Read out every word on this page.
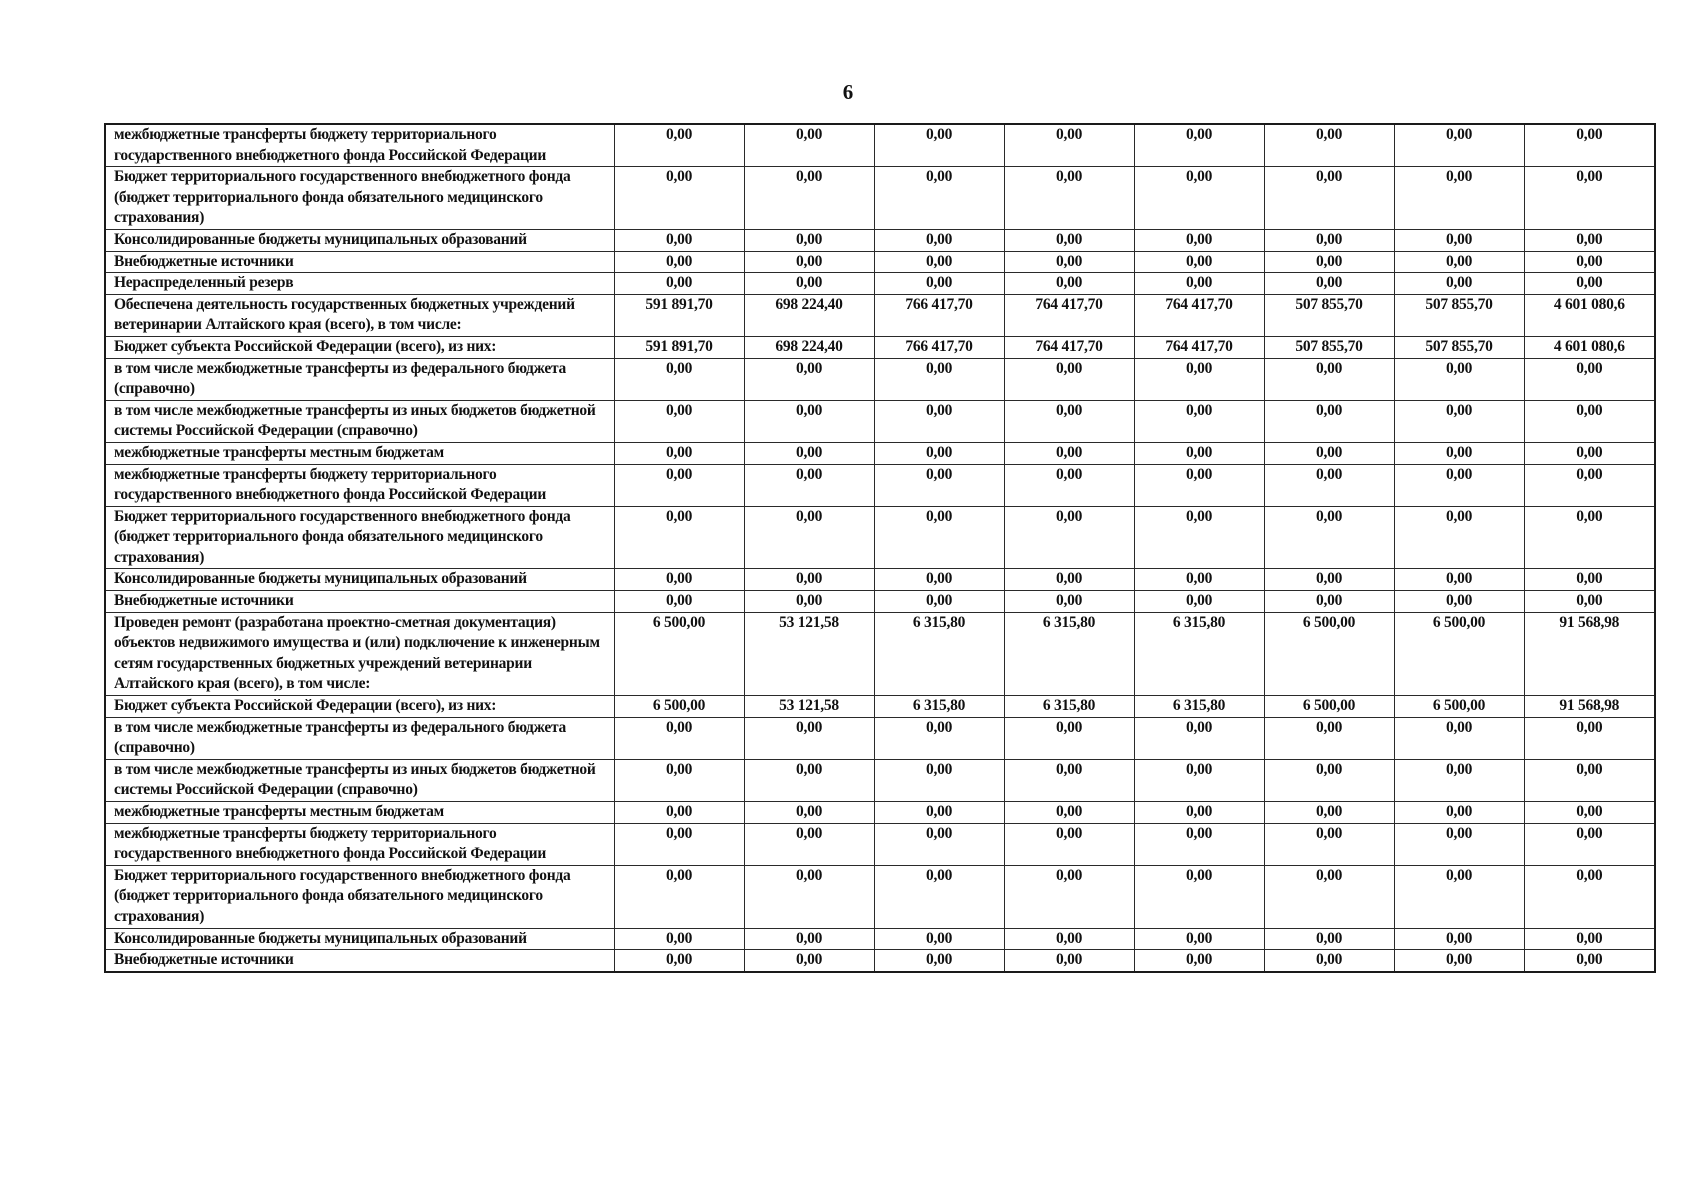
6
межбюджетные трансферты бюджету территориального государственного внебюджетного фонда Российской Федерации	0,00	0,00	0,00	0,00	0,00	0,00	0,00	0,00
Бюджет территориального государственного внебюджетного фонда (бюджет территориального фонда обязательного медицинского страхования)	0,00	0,00	0,00	0,00	0,00	0,00	0,00	0,00
Консолидированные бюджеты муниципальных образований	0,00	0,00	0,00	0,00	0,00	0,00	0,00	0,00
Внебюджетные источники	0,00	0,00	0,00	0,00	0,00	0,00	0,00	0,00
Нераспределенный резерв	0,00	0,00	0,00	0,00	0,00	0,00	0,00	0,00
Обеспечена деятельность государственных бюджетных учреждений ветеринарии Алтайского края (всего), в том числе:	591 891,70	698 224,40	766 417,70	764 417,70	764 417,70	507 855,70	507 855,70	4 601 080,6
Бюджет субъекта Российской Федерации (всего), из них:	591 891,70	698 224,40	766 417,70	764 417,70	764 417,70	507 855,70	507 855,70	4 601 080,6
в том числе межбюджетные трансферты из федерального бюджета (справочно)	0,00	0,00	0,00	0,00	0,00	0,00	0,00	0,00
в том числе межбюджетные трансферты из иных бюджетов бюджетной системы Российской Федерации (справочно)	0,00	0,00	0,00	0,00	0,00	0,00	0,00	0,00
межбюджетные трансферты местным бюджетам	0,00	0,00	0,00	0,00	0,00	0,00	0,00	0,00
межбюджетные трансферты бюджету территориального государственного внебюджетного фонда Российской Федерации	0,00	0,00	0,00	0,00	0,00	0,00	0,00	0,00
Бюджет территориального государственного внебюджетного фонда (бюджет территориального фонда обязательного медицинского страхования)	0,00	0,00	0,00	0,00	0,00	0,00	0,00	0,00
Консолидированные бюджеты муниципальных образований	0,00	0,00	0,00	0,00	0,00	0,00	0,00	0,00
Внебюджетные источники	0,00	0,00	0,00	0,00	0,00	0,00	0,00	0,00
Проведен ремонт (разработана проектно-сметная документация) объектов недвижимого имущества и (или) подключение к инженерным сетям государственных бюджетных учреждений ветеринарии Алтайского края (всего), в том числе:	6 500,00	53 121,58	6 315,80	6 315,80	6 315,80	6 500,00	6 500,00	91 568,98
Бюджет субъекта Российской Федерации (всего), из них:	6 500,00	53 121,58	6 315,80	6 315,80	6 315,80	6 500,00	6 500,00	91 568,98
в том числе межбюджетные трансферты из федерального бюджета (справочно)	0,00	0,00	0,00	0,00	0,00	0,00	0,00	0,00
в том числе межбюджетные трансферты из иных бюджетов бюджетной системы Российской Федерации (справочно)	0,00	0,00	0,00	0,00	0,00	0,00	0,00	0,00
межбюджетные трансферты местным бюджетам	0,00	0,00	0,00	0,00	0,00	0,00	0,00	0,00
межбюджетные трансферты бюджету территориального государственного внебюджетного фонда Российской Федерации	0,00	0,00	0,00	0,00	0,00	0,00	0,00	0,00
Бюджет территориального государственного внебюджетного фонда (бюджет территориального фонда обязательного медицинского страхования)	0,00	0,00	0,00	0,00	0,00	0,00	0,00	0,00
Консолидированные бюджеты муниципальных образований	0,00	0,00	0,00	0,00	0,00	0,00	0,00	0,00
Внебюджетные источники	0,00	0,00	0,00	0,00	0,00	0,00	0,00	0,00
